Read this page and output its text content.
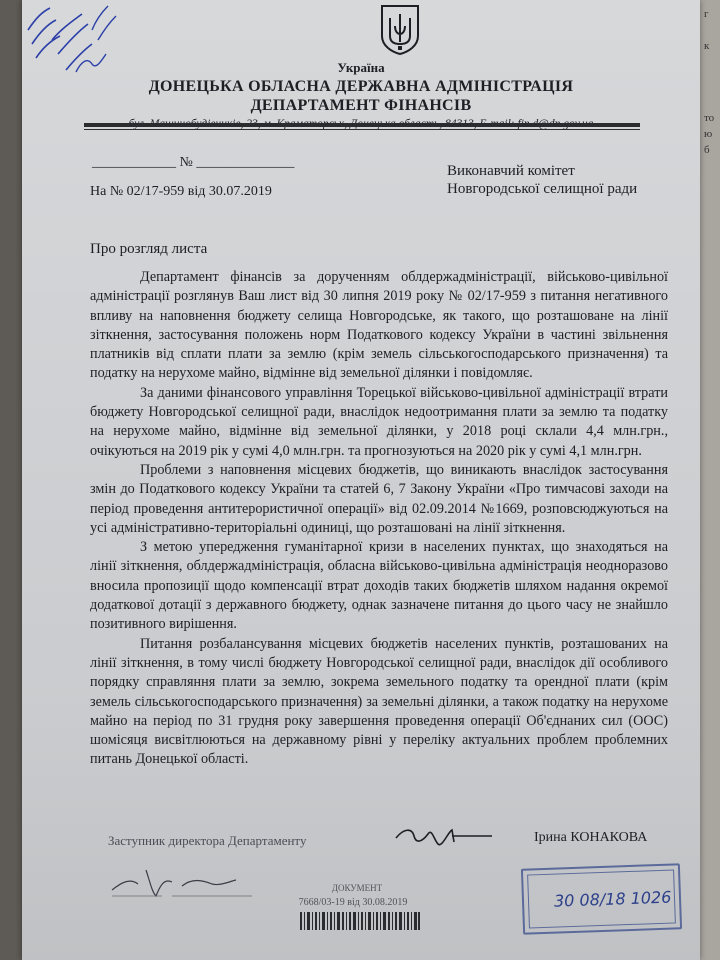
г
к
то
ю
б
Україна
ДОНЕЦЬКА ОБЛАСНА ДЕРЖАВНА АДМІНІСТРАЦІЯ
ДЕПАРТАМЕНТ ФІНАНСІВ
____________ № ______________
На № 02/17-959 від 30.07.2019
Виконавчий комітет
Новгородської селищної ради
Про розгляд листа

Департамент фінансів за дорученням облдержадміністрації, військово-цивільної адміністрації розглянув Ваш лист від 30 липня 2019 року № 02/17-959 з питання негативного впливу на наповнення бюджету селища Новгородське, як такого, що розташоване на лінії зіткнення, застосування положень норм Податкового кодексу України в частині звільнення платників від сплати плати за землю (крім земель сільськогосподарського призначення) та податку на нерухоме майно, відмінне від земельної ділянки і повідомляє.

За даними фінансового управління Торецької військово-цивільної адміністрації втрати бюджету Новгородської селищної ради, внаслідок недоотримання плати за землю та податку на нерухоме майно, відмінне від земельної ділянки, у 2018 році склали 4,4 млн.грн., очікуються на 2019 рік у сумі 4,0 млн.грн. та прогнозуються на 2020 рік у сумі 4,1 млн.грн.

Проблеми з наповнення місцевих бюджетів, що виникають внаслідок застосування змін до Податкового кодексу України та статей 6, 7 Закону України «Про тимчасові заходи на період проведення антитерористичної операції» від 02.09.2014 №1669, розповсюджуються на усі адміністративно-територіальні одиниці, що розташовані на лінії зіткнення.

З метою упередження гуманітарної кризи в населених пунктах, що знаходяться на лінії зіткнення, облдержадміністрація, обласна військово-цивільна адміністрація неодноразово вносила пропозиції щодо компенсації втрат доходів таких бюджетів шляхом надання окремої додаткової дотації з державного бюджету, однак зазначене питання до цього часу не знайшло позитивного вирішення.

Питання розбалансування місцевих бюджетів населених пунктів, розташованих на лінії зіткнення, в тому числі бюджету Новгородської селищної ради, внаслідок дії особливого порядку справляння плати за землю, зокрема земельного податку та орендної плати (крім земель сільськогосподарського призначення) за земельні ділянки, а також податку на нерухоме майно на період по 31 грудня року завершення проведення операції Об'єднаних сил (ООС) шомісяця висвітлюються на державному рівні у переліку актуальних проблем проблемних питань Донецької області.

Заступник директора Департаменту	Ірина КОНАКОВА
ДОКУМЕНТ
7668/03-19 від 30.08.2019	30 08/18 1026
